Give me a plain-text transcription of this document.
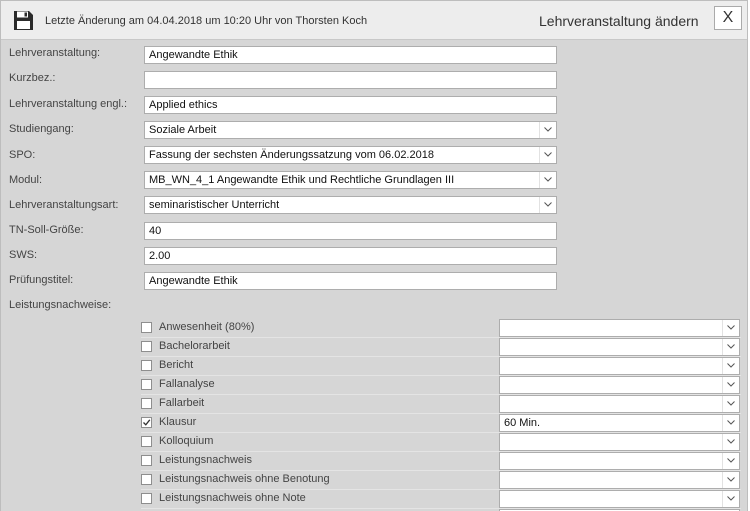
Letzte Änderung am 04.04.2018 um 10:20 Uhr von Thorsten Koch	Lehrveranstaltung ändern	X
Lehrveranstaltung:	Angewandte Ethik
Kurzbez.:
Lehrveranstaltung engl.:	Applied ethics
Studiengang:	Soziale Arbeit
SPO:	Fassung der sechsten Änderungssatzung vom 06.02.2018
Modul:	MB_WN_4_1 Angewandte Ethik und Rechtliche Grundlagen III
Lehrveranstaltungsart:	seminaristischer Unterricht
TN-Soll-Größe:	40
SWS:	2.00
Prüfungstitel:	Angewandte Ethik
Leistungsnachweise:
Anwesenheit (80%)
Bachelorarbeit
Bericht
Fallanalyse
Fallarbeit
Klausur	60 Min.
Kolloquium
Leistungsnachweis
Leistungsnachweis ohne Benotung
Leistungsnachweis ohne Note
